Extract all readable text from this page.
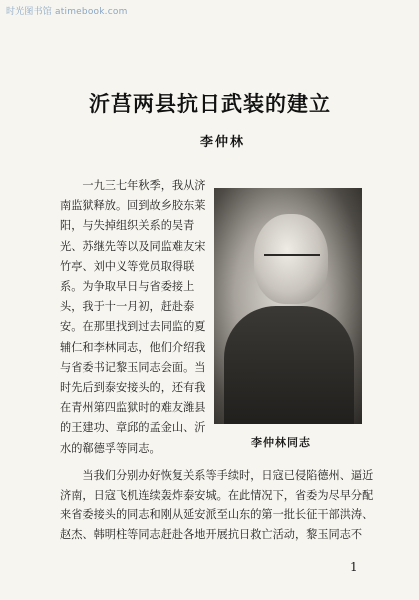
时光图书馆 atimebook.com
沂莒两县抗日武装的建立
李仲林

一九三七年秋季，我从济南监狱释放。回到故乡胶东莱阳，与失掉组织关系的吴青光、苏继先等以及同监难友宋竹亭、刘中义等党员取得联系。为争取早日与省委接上头，我于十一月初，赶赴泰安。在那里找到过去同监的夏辅仁和李林同志，他们介绍我与省委书记黎玉同志会面。当时先后到泰安接头的，还有我在青州第四监狱时的难友潍县的王建功、章邱的孟金山、沂水的郗德孚等同志。	李仲林同志

当我们分别办好恢复关系等手续时，日寇已侵陷德州、逼近济南，日寇飞机连续轰炸泰安城。在此情况下，省委为尽早分配来省委接头的同志和刚从延安派至山东的第一批长征干部洪涛、赵杰、韩明柱等同志赶赴各地开展抗日救亡活动，黎玉同志不

1
